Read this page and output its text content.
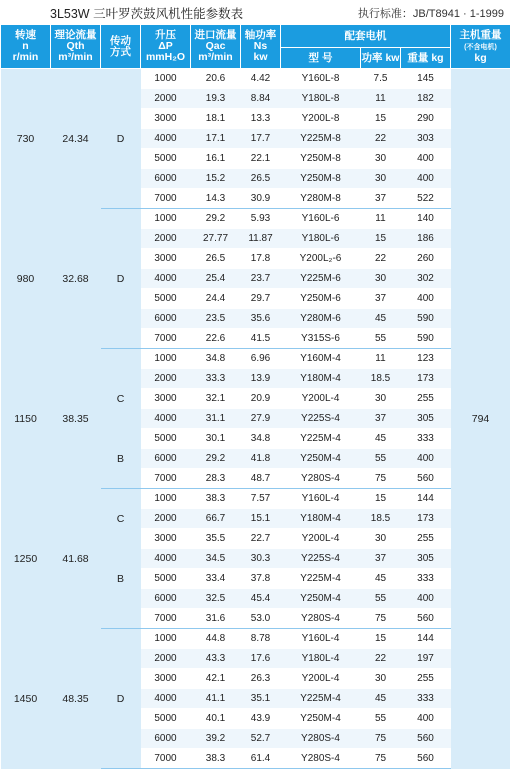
3L53W 三叶罗茨鼓风机性能参数表	执行标准：JB/T8941 · 1-1999
转速
n
r/min	理论流量
Qth
m³/min	传动
方式	升压
ΔP
mmH₂O	进口流量
Qac
m³/min	轴功率
Ns
kw	配套电机			主机重量
(不含电机)
kg
						型 号	功率 kw	重量 kg	
730	24.34		1000	20.6	4.42	Y160L-8	7.5	145	794
			2000	19.3	8.84	Y180L-8	11	182	
			3000	18.1	13.3	Y200L-8	15	290	
		D	4000	17.1	17.7	Y225M-8	22	303	
			5000	16.1	22.1	Y250M-8	30	400	
			6000	15.2	26.5	Y250M-8	30	400	
			7000	14.3	30.9	Y280M-8	37	522	
980	32.68		1000	29.2	5.93	Y160L-6	11	140	
			2000	27.77	11.87	Y180L-6	15	186	
			3000	26.5	17.8	Y200L₂-6	22	260	
		D	4000	25.4	23.7	Y225M-6	30	302	
			5000	24.4	29.7	Y250M-6	37	400	
			6000	23.5	35.6	Y280M-6	45	590	
			7000	22.6	41.5	Y315S-6	55	590	
1150	38.35		1000	34.8	6.96	Y160M-4	11	123	
			2000	33.3	13.9	Y180M-4	18.5	173	
		C	3000	32.1	20.9	Y200L-4	30	255	
			4000	31.1	27.9	Y225S-4	37	305	
			5000	30.1	34.8	Y225M-4	45	333	
		B	6000	29.2	41.8	Y250M-4	55	400	
			7000	28.3	48.7	Y280S-4	75	560	
1250	41.68		1000	38.3	7.57	Y160L-4	15	144	
		C	2000	66.7	15.1	Y180M-4	18.5	173	
			3000	35.5	22.7	Y200L-4	30	255	
			4000	34.5	30.3	Y225S-4	37	305	
		B	5000	33.4	37.8	Y225M-4	45	333	
			6000	32.5	45.4	Y250M-4	55	400	
			7000	31.6	53.0	Y280S-4	75	560	
1450	48.35		1000	44.8	8.78	Y160L-4	15	144	
			2000	43.3	17.6	Y180L-4	22	197	
			3000	42.1	26.3	Y200L-4	30	255	
		D	4000	41.1	35.1	Y225M-4	45	333	
			5000	40.1	43.9	Y250M-4	55	400	
			6000	39.2	52.7	Y280S-4	75	560	
			7000	38.3	61.4	Y280S-4	75	560	
